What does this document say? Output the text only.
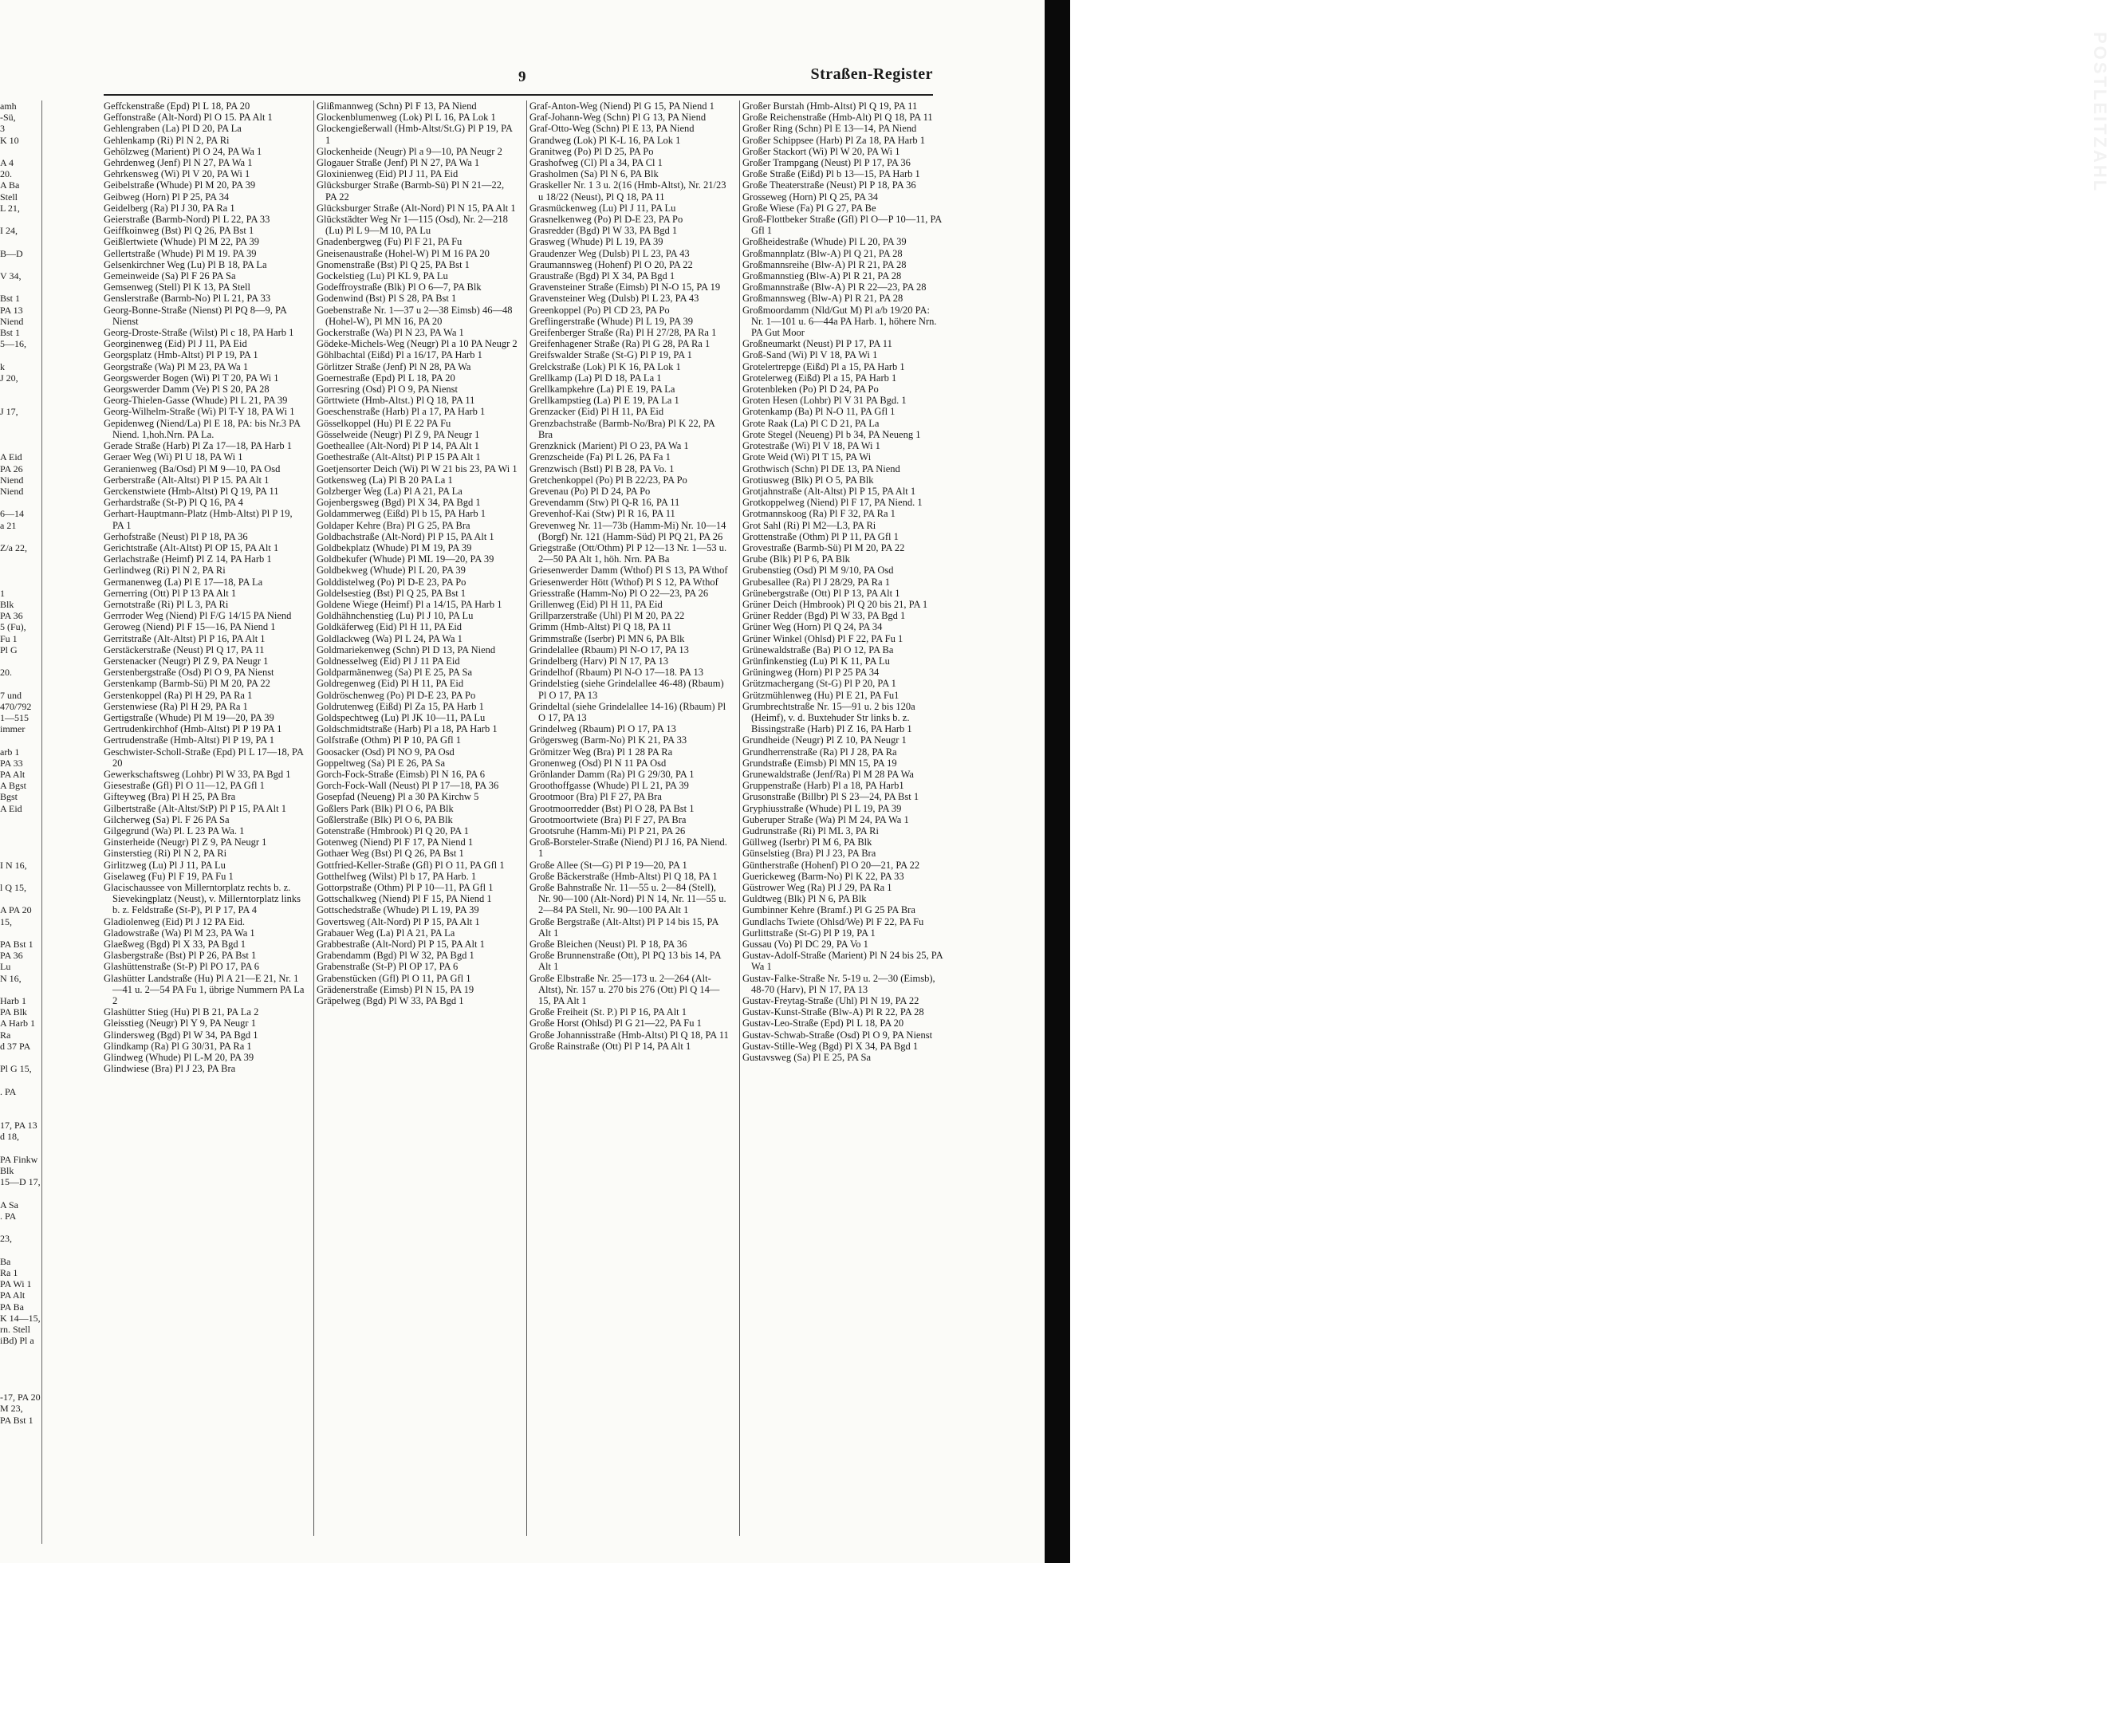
amh
-Sü,
3
K 10

A 4
20.
A Ba
Stell
L 21,

I 24,

B—D

V 34,

Bst 1
PA 13
Niend
Bst 1
5—16,

k
J 20,

J 17,

A Eid
PA 26
Niend
Niend

6—14
a 21

Z/a 22,

1
Blk
PA 36
5 (Fu),
Fu 1
Pl G

20.

7 und
470/792
1—515
immer

arb 1
PA 33
PA Alt
A Bgst
Bgst
A Eid

I N 16,

l Q 15,

A PA 20
15,

PA Bst 1
PA 36
Lu
N 16,

Harb 1
PA Blk
A Harb 1
Ra
d 37 PA

Pl G 15,

. PA

17, PA 13
d 18,

PA Finkw
Blk
15—D 17,

A Sa
. PA

23,

Ba
Ra 1
PA Wi 1
PA Alt
PA Ba
K 14—15,
rn. Stell
iBd) Pl a

-17, PA 20
M 23,
PA Bst 1
9	Straßen-Register

Geffckenstraße (Epd) Pl L 18, PA 20

Geffonstraße (Alt-Nord) Pl O 15. PA Alt 1

Gehlengraben (La) Pl D 20, PA La

Gehlenkamp (Ri) Pl N 2, PA Ri

Gehölzweg (Marient) Pl O 24, PA Wa 1

Gehrdenweg (Jenf) Pl N 27, PA Wa 1

Gehrkensweg (Wi) Pl V 20, PA Wi 1

Geibelstraße (Whude) Pl M 20, PA 39

Geibweg (Horn) Pl P 25, PA 34

Geidelberg (Ra) Pl J 30, PA Ra 1

Geierstraße (Barmb-Nord) Pl L 22, PA 33

Geiffkoinweg (Bst) Pl Q 26, PA Bst 1

Geißlertwiete (Whude) Pl M 22, PA 39

Gellertstraße (Whude) Pl M 19. PA 39

Gelsenkirchner Weg (Lu) Pl B 18, PA La

Gemeinweide (Sa) Pl F 26 PA Sa

Gemsenweg (Stell) Pl K 13, PA Stell

Genslerstraße (Barmb-No) Pl L 21, PA 33

Georg-Bonne-Straße (Nienst) Pl PQ 8—9, PA Nienst

Georg-Droste-Straße (Wilst) Pl c 18, PA Harb 1

Georginenweg (Eid) Pl J 11, PA Eid

Georgsplatz (Hmb-Altst) Pl P 19, PA 1

Georgstraße (Wa) Pl M 23, PA Wa 1

Georgswerder Bogen (Wi) Pl T 20, PA Wi 1

Georgswerder Damm (Ve) Pl S 20, PA 28

Georg-Thielen-Gasse (Whude) Pl L 21, PA 39

Georg-Wilhelm-Straße (Wi) Pl T-Y 18, PA Wi 1

Gepidenweg (Niend/La) Pl E 18, PA: bis Nr.3 PA Niend. 1,hoh.Nrn. PA La.

Gerade Straße (Harb) Pl Za 17—18, PA Harb 1

Geraer Weg (Wi) Pl U 18, PA Wi 1

Geranienweg (Ba/Osd) Pl M 9—10, PA Osd

Gerberstraße (Alt-Altst) Pl P 15. PA Alt 1

Gerckenstwiete (Hmb-Altst) Pl Q 19, PA 11

Gerhardstraße (St-P) Pl Q 16, PA 4

Gerhart-Hauptmann-Platz (Hmb-Altst) Pl P 19, PA 1

Gerhofstraße (Neust) Pl P 18, PA 36

Gerichtstraße (Alt-Altst) Pl OP 15, PA Alt 1

Gerlachstraße (Heimf) Pl Z 14, PA Harb 1

Gerlindweg (Ri) Pl N 2, PA Ri

Germanenweg (La) Pl E 17—18, PA La

Gernerring (Ott) Pl P 13 PA Alt 1

Gernotstraße (Ri) Pl L 3, PA Ri

Gerrroder Weg (Niend) Pl F/G 14/15 PA Niend

Geroweg (Niend) Pl F 15—16, PA Niend 1

Gerritstraße (Alt-Altst) Pl P 16, PA Alt 1

Gerstäckerstraße (Neust) Pl Q 17, PA 11

Gerstenacker (Neugr) Pl Z 9, PA Neugr 1

Gerstenbergstraße (Osd) Pl O 9, PA Nienst

Gerstenkamp (Barmb-Sü) Pl M 20, PA 22

Gerstenkoppel (Ra) Pl H 29, PA Ra 1

Gerstenwiese (Ra) Pl H 29, PA Ra 1

Gertigstraße (Whude) Pl M 19—20, PA 39

Gertrudenkirchhof (Hmb-Altst) Pl P 19 PA 1

Gertrudenstraße (Hmb-Altst) Pl P 19, PA 1

Geschwister-Scholl-Straße (Epd) Pl L 17—18, PA 20

Gewerkschaftsweg (Lohbr) Pl W 33, PA Bgd 1

Giesestraße (Gfl) Pl O 11—12, PA Gfl 1

Gifteyweg (Bra) Pl H 25, PA Bra

Gilbertstraße (Alt-Altst/StP) Pl P 15, PA Alt 1

Gilcherweg (Sa) Pl. F 26 PA Sa

Gilgegrund (Wa) Pl. L 23 PA Wa. 1

Ginsterheide (Neugr) Pl Z 9, PA Neugr 1

Ginsterstieg (Ri) Pl N 2, PA Ri

Girlitzweg (Lu) Pl J 11, PA Lu

Giselaweg (Fu) Pl F 19, PA Fu 1

Glacischaussee von Millerntorplatz rechts b. z. Sievekingplatz (Neust), v. Millerntorplatz links b. z. Feldstraße (St-P), Pl P 17, PA 4

Gladiolenweg (Eid) Pl J 12 PA Eid.

Gladowstraße (Wa) Pl M 23, PA Wa 1

Glaeßweg (Bgd) Pl X 33, PA Bgd 1

Glasbergstraße (Bst) Pl P 26, PA Bst 1

Glashüttenstraße (St-P) Pl PO 17, PA 6

Glashütter Landstraße (Hu) Pl A 21—E 21, Nr. 1—41 u. 2—54 PA Fu 1, übrige Nummern PA La 2

Glashütter Stieg (Hu) Pl B 21, PA La 2

Gleisstieg (Neugr) Pl Y 9, PA Neugr 1

Glindersweg (Bgd) Pl W 34, PA Bgd 1

Glindkamp (Ra) Pl G 30/31, PA Ra 1

Glindweg (Whude) Pl L-M 20, PA 39

Glindwiese (Bra) Pl J 23, PA Bra

Glißmannweg (Schn) Pl F 13, PA Niend

Glockenblumenweg (Lok) Pl L 16, PA Lok 1

Glockengießerwall (Hmb-Altst/St.G) Pl P 19, PA 1

Glockenheide (Neugr) Pl a 9—10, PA Neugr 2

Glogauer Straße (Jenf) Pl N 27, PA Wa 1

Gloxinienweg (Eid) Pl J 11, PA Eid

Glücksburger Straße (Barmb-Sü) Pl N 21—22, PA 22

Glücksburger Straße (Alt-Nord) Pl N 15, PA Alt 1

Glückstädter Weg Nr 1—115 (Osd), Nr. 2—218 (Lu) Pl L 9—M 10, PA Lu

Gnadenbergweg (Fu) Pl F 21, PA Fu

Gneisenaustraße (Hohel-W) Pl M 16 PA 20

Gnomenstraße (Bst) Pl Q 25, PA Bst 1

Gockelstieg (Lu) Pl KL 9, PA Lu

Godeffroystraße (Blk) Pl O 6—7, PA Blk

Godenwind (Bst) Pl S 28, PA Bst 1

Goebenstraße Nr. 1—37 u 2—38 Eimsb) 46—48 (Hohel-W), Pl MN 16, PA 20

Gockerstraße (Wa) Pl N 23, PA Wa 1

Gödeke-Michels-Weg (Neugr) Pl a 10 PA Neugr 2

Göhlbachtal (Eißd) Pl a 16/17, PA Harb 1

Görlitzer Straße (Jenf) Pl N 28, PA Wa

Goernestraße (Epd) Pl L 18, PA 20

Gorresring (Osd) Pl O 9, PA Nienst

Görttwiete (Hmb-Altst.) Pl Q 18, PA 11

Goeschenstraße (Harb) Pl a 17, PA Harb 1

Gösselkoppel (Hu) Pl E 22 PA Fu

Gösselweide (Neugr) Pl Z 9, PA Neugr 1

Goetheallee (Alt-Nord) Pl P 14, PA Alt 1

Goethestraße (Alt-Altst) Pl P 15 PA Alt 1

Goetjensorter Deich (Wi) Pl W 21 bis 23, PA Wi 1

Gotkensweg (La) Pl B 20 PA La 1

Golzberger Weg (La) Pl A 21, PA La

Gojenbergsweg (Bgd) Pl X 34, PA Bgd 1

Goldammerweg (Eißd) Pl b 15, PA Harb 1

Goldaper Kehre (Bra) Pl G 25, PA Bra

Goldbachstraße (Alt-Nord) Pl P 15, PA Alt 1

Goldbekplatz (Whude) Pl M 19, PA 39

Goldbekufer (Whude) Pl ML 19—20, PA 39

Goldbekweg (Whude) Pl L 20, PA 39

Golddistelweg (Po) Pl D-E 23, PA Po

Goldelsestieg (Bst) Pl Q 25, PA Bst 1

Goldene Wiege (Heimf) Pl a 14/15, PA Harb 1

Goldhähnchenstieg (Lu) Pl J 10, PA Lu

Goldkäferweg (Eid) Pl H 11, PA Eid

Goldlackweg (Wa) Pl L 24, PA Wa 1

Goldmariekenweg (Schn) Pl D 13, PA Niend

Goldnesselweg (Eid) Pl J 11 PA Eid

Goldparmänenweg (Sa) Pl E 25, PA Sa

Goldregenweg (Eid) Pl H 11, PA Eid

Goldröschenweg (Po) Pl D-E 23, PA Po

Goldrutenweg (Eißd) Pl Za 15, PA Harb 1

Goldspechtweg (Lu) Pl JK 10—11, PA Lu

Goldschmidtstraße (Harb) Pl a 18, PA Harb 1

Golfstraße (Othm) Pl P 10, PA Gfl 1

Goosacker (Osd) Pl NO 9, PA Osd

Goppeltweg (Sa) Pl E 26, PA Sa

Gorch-Fock-Straße (Eimsb) Pl N 16, PA 6

Gorch-Fock-Wall (Neust) Pl P 17—18, PA 36

Gosepfad (Neueng) Pl a 30 PA Kirchw 5

Goßlers Park (Blk) Pl O 6, PA Blk

Goßlerstraße (Blk) Pl O 6, PA Blk

Gotenstraße (Hmbrook) Pl Q 20, PA 1

Gotenweg (Niend) Pl F 17, PA Niend 1

Gothaer Weg (Bst) Pl Q 26, PA Bst 1

Gottfried-Keller-Straße (Gfl) Pl O 11, PA Gfl 1

Gotthelfweg (Wilst) Pl b 17, PA Harb. 1

Gottorpstraße (Othm) Pl P 10—11, PA Gfl 1

Gottschalkweg (Niend) Pl F 15, PA Niend 1

Gottschedstraße (Whude) Pl L 19, PA 39

Govertsweg (Alt-Nord) Pl P 15, PA Alt 1

Grabauer Weg (La) Pl A 21, PA La

Grabbestraße (Alt-Nord) Pl P 15, PA Alt 1

Grabendamm (Bgd) Pl W 32, PA Bgd 1

Grabenstraße (St-P) Pl OP 17, PA 6

Grabenstücken (Gfl) Pl O 11, PA Gfl 1

Grädenerstraße (Eimsb) Pl N 15, PA 19

Gräpelweg (Bgd) Pl W 33, PA Bgd 1

Graf-Anton-Weg (Niend) Pl G 15, PA Niend 1

Graf-Johann-Weg (Schn) Pl G 13, PA Niend

Graf-Otto-Weg (Schn) Pl E 13, PA Niend

Grandweg (Lok) Pl K-L 16, PA Lok 1

Granitweg (Po) Pl D 25, PA Po

Grashofweg (Cl) Pl a 34, PA Cl 1

Grasholmen (Sa) Pl N 6, PA Blk

Graskeller Nr. 1 3 u. 2(16 (Hmb-Altst), Nr. 21/23 u 18/22 (Neust), Pl Q 18, PA 11

Grasmückenweg (Lu) Pl J 11, PA Lu

Grasnelkenweg (Po) Pl D-E 23, PA Po

Grasredder (Bgd) Pl W 33, PA Bgd 1

Grasweg (Whude) Pl L 19, PA 39

Graudenzer Weg (Dulsb) Pl L 23, PA 43

Graumannsweg (Hohenf) Pl O 20, PA 22

Graustraße (Bgd) Pl X 34, PA Bgd 1

Gravensteiner Straße (Eimsb) Pl N-O 15, PA 19

Gravensteiner Weg (Dulsb) Pl L 23, PA 43

Greenkoppel (Po) Pl CD 23, PA Po

Greflingerstraße (Whude) Pl L 19, PA 39

Greifenberger Straße (Ra) Pl H 27/28, PA Ra 1

Greifenhagener Straße (Ra) Pl G 28, PA Ra 1

Greifswalder Straße (St-G) Pl P 19, PA 1

Grelckstraße (Lok) Pl K 16, PA Lok 1

Grellkamp (La) Pl D 18, PA La 1

Grellkampkehre (La) Pl E 19, PA La

Grellkampstieg (La) Pl E 19, PA La 1

Grenzacker (Eid) Pl H 11, PA Eid

Grenzbachstraße (Barmb-No/Bra) Pl K 22, PA Bra

Grenzknick (Marient) Pl O 23, PA Wa 1

Grenzscheide (Fa) Pl L 26, PA Fa 1

Grenzwisch (Bstl) Pl B 28, PA Vo. 1

Gretchenkoppel (Po) Pl B 22/23, PA Po

Grevenau (Po) Pl D 24, PA Po

Grevendamm (Stw) Pl Q-R 16, PA 11

Grevenhof-Kai (Stw) Pl R 16, PA 11

Grevenweg Nr. 11—73b (Hamm-Mi) Nr. 10—14 (Borgf) Nr. 121 (Hamm-Süd) Pl PQ 21, PA 26

Griegstraße (Ott/Othm) Pl P 12—13 Nr. 1—53 u. 2—50 PA Alt 1, höh. Nrn. PA Ba

Griesenwerder Damm (Wthof) Pl S 13, PA Wthof

Griesenwerder Hött (Wthof) Pl S 12, PA Wthof

Griesstraße (Hamm-No) Pl O 22—23, PA 26

Grillenweg (Eid) Pl H 11, PA Eid

Grillparzerstraße (Uhl) Pl M 20, PA 22

Grimm (Hmb-Altst) Pl Q 18, PA 11

Grimmstraße (Iserbr) Pl MN 6, PA Blk

Grindelallee (Rbaum) Pl N-O 17, PA 13

Grindelberg (Harv) Pl N 17, PA 13

Grindelhof (Rbaum) Pl N-O 17—18. PA 13

Grindelstieg (siehe Grindelallee 46-48) (Rbaum) Pl O 17, PA 13

Grindeltal (siehe Grindelallee 14-16) (Rbaum) Pl O 17, PA 13

Grindelweg (Rbaum) Pl O 17, PA 13

Grögersweg (Barm-No) Pl K 21, PA 33

Grömitzer Weg (Bra) Pl 1 28 PA Ra

Gronenweg (Osd) Pl N 11 PA Osd

Grönlander Damm (Ra) Pl G 29/30, PA 1

Groothoffgasse (Whude) Pl L 21, PA 39

Grootmoor (Bra) Pl F 27, PA Bra

Grootmoorredder (Bst) Pl O 28, PA Bst 1

Grootmoortwiete (Bra) Pl F 27, PA Bra

Grootsruhe (Hamm-Mi) Pl P 21, PA 26

Groß-Borsteler-Straße (Niend) Pl J 16, PA Niend. 1

Große Allee (St—G) Pl P 19—20, PA 1

Große Bäckerstraße (Hmb-Altst) Pl Q 18, PA 1

Große Bahnstraße Nr. 11—55 u. 2—84 (Stell), Nr. 90—100 (Alt-Nord) Pl N 14, Nr. 11—55 u. 2—84 PA Stell, Nr. 90—100 PA Alt 1

Große Bergstraße (Alt-Altst) Pl P 14 bis 15, PA Alt 1

Große Bleichen (Neust) Pl. P 18, PA 36

Große Brunnenstraße (Ott), Pl PQ 13 bis 14, PA Alt 1

Große Elbstraße Nr. 25—173 u. 2—264 (Alt-Altst), Nr. 157 u. 270 bis 276 (Ott) Pl Q 14—15, PA Alt 1

Große Freiheit (St. P.) Pl P 16, PA Alt 1

Große Horst (Ohlsd) Pl G 21—22, PA Fu 1

Große Johannisstraße (Hmb-Altst) Pl Q 18, PA 11

Große Rainstraße (Ott) Pl P 14, PA Alt 1

Großer Burstah (Hmb-Altst) Pl Q 19, PA 11

Große Reichenstraße (Hmb-Alt) Pl Q 18, PA 11

Großer Ring (Schn) Pl E 13—14, PA Niend

Großer Schippsee (Harb) Pl Za 18, PA Harb 1

Großer Stackort (Wi) Pl W 20, PA Wi 1

Großer Trampgang (Neust) Pl P 17, PA 36

Große Straße (Eißd) Pl b 13—15, PA Harb 1

Große Theaterstraße (Neust) Pl P 18, PA 36

Grosseweg (Horn) Pl Q 25, PA 34

Große Wiese (Fa) Pl G 27, PA Be

Groß-Flottbeker Straße (Gfl) Pl O—P 10—11, PA Gfl 1

Großheidestraße (Whude) Pl L 20, PA 39

Großmannplatz (Blw-A) Pl Q 21, PA 28

Großmannsreihe (Blw-A) Pl R 21, PA 28

Großmannstieg (Blw-A) Pl R 21, PA 28

Großmannstraße (Blw-A) Pl R 22—23, PA 28

Großmannsweg (Blw-A) Pl R 21, PA 28

Großmoordamm (Nld/Gut M) Pl a/b 19/20 PA: Nr. 1—101 u. 6—44a PA Harb. 1, höhere Nrn. PA Gut Moor

Großneumarkt (Neust) Pl P 17, PA 11

Groß-Sand (Wi) Pl V 18, PA Wi 1

Grotelertrepge (Eißd) Pl a 15, PA Harb 1

Grotelerweg (Eißd) Pl a 15, PA Harb 1

Grotenbleken (Po) Pl D 24, PA Po

Groten Hesen (Lohbr) Pl V 31 PA Bgd. 1

Grotenkamp (Ba) Pl N-O 11, PA Gfl 1

Grote Raak (La) Pl C D 21, PA La

Grote Stegel (Neueng) Pl b 34, PA Neueng 1

Grotestraße (Wi) Pl V 18, PA Wi 1

Grote Weid (Wi) Pl T 15, PA Wi

Grothwisch (Schn) Pl DE 13, PA Niend

Grotiusweg (Blk) Pl O 5, PA Blk

Grotjahnstraße (Alt-Altst) Pl P 15, PA Alt 1

Grotkoppelweg (Niend) Pl F 17, PA Niend. 1

Grotmannskoog (Ra) Pl F 32, PA Ra 1

Grot Sahl (Ri) Pl M2—L3, PA Ri

Grottenstraße (Othm) Pl P 11, PA Gfl 1

Grovestraße (Barmb-Sü) Pl M 20, PA 22

Grube (Blk) Pl P 6, PA Blk

Grubenstieg (Osd) Pl M 9/10, PA Osd

Grubesallee (Ra) Pl J 28/29, PA Ra 1

Grünebergstraße (Ott) Pl P 13, PA Alt 1

Grüner Deich (Hmbrook) Pl Q 20 bis 21, PA 1

Grüner Redder (Bgd) Pl W 33, PA Bgd 1

Grüner Weg (Horn) Pl Q 24, PA 34

Grüner Winkel (Ohlsd) Pl F 22, PA Fu 1

Grünewaldstraße (Ba) Pl O 12, PA Ba

Grünfinkenstieg (Lu) Pl K 11, PA Lu

Grüningweg (Horn) Pl P 25 PA 34

Grützmachergang (St-G) Pl P 20, PA 1

Grützmühlenweg (Hu) Pl E 21, PA Fu1

Grumbrechtstraße Nr. 15—91 u. 2 bis 120a (Heimf), v. d. Buxtehuder Str links b. z. Bissingstraße (Harb) Pl Z 16, PA Harb 1

Grundheide (Neugr) Pl Z 10, PA Neugr 1

Grundherrenstraße (Ra) Pl J 28, PA Ra

Grundstraße (Eimsb) Pl MN 15, PA 19

Grunewaldstraße (Jenf/Ra) Pl M 28 PA Wa

Gruppenstraße (Harb) Pl a 18, PA Harb1

Grusonstraße (Billbr) Pl S 23—24, PA Bst 1

Gryphiusstraße (Whude) Pl L 19, PA 39

Guberuper Straße (Wa) Pl M 24, PA Wa 1

Gudrunstraße (Ri) Pl ML 3, PA Ri

Güllweg (Iserbr) Pl M 6, PA Blk

Günselstieg (Bra) Pl J 23, PA Bra

Güntherstraße (Hohenf) Pl O 20—21, PA 22

Guerickeweg (Barm-No) Pl K 22, PA 33

Güstrower Weg (Ra) Pl J 29, PA Ra 1

Guldtweg (Blk) Pl N 6, PA Blk

Gumbinner Kehre (Bramf.) Pl G 25 PA Bra

Gundlachs Twiete (Ohlsd/We) Pl F 22, PA Fu

Gurlittstraße (St-G) Pl P 19, PA 1

Gussau (Vo) Pl DC 29, PA Vo 1

Gustav-Adolf-Straße (Marient) Pl N 24 bis 25, PA Wa 1

Gustav-Falke-Straße Nr. 5-19 u. 2—30 (Eimsb), 48-70 (Harv), Pl N 17, PA 13

Gustav-Freytag-Straße (Uhl) Pl N 19, PA 22

Gustav-Kunst-Straße (Blw-A) Pl R 22, PA 28

Gustav-Leo-Straße (Epd) Pl L 18, PA 20

Gustav-Schwab-Straße (Osd) Pl O 9, PA Nienst

Gustav-Stille-Weg (Bgd) Pl X 34, PA Bgd 1

Gustavsweg (Sa) Pl E 25, PA Sa

POSTLEITZAHL
